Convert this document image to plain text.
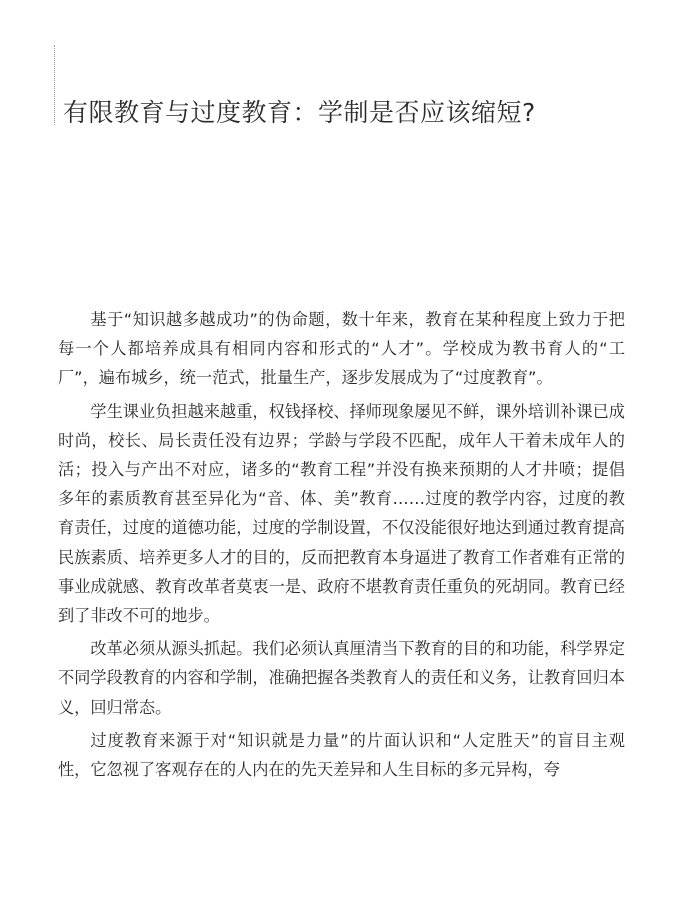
有限教育与过度教育：学制是否应该缩短?

基于“知识越多越成功”的伪命题，数十年来，教育在某种程度上致力于把每一个人都培养成具有相同内容和形式的“人才”。学校成为教书育人的“工厂”，遍布城乡，统一范式，批量生产，逐步发展成为了“过度教育”。

学生课业负担越来越重，权钱择校、择师现象屡见不鲜，课外培训补课已成时尚，校长、局长责任没有边界；学龄与学段不匹配，成年人干着未成年人的活；投入与产出不对应，诸多的“教育工程”并没有换来预期的人才井喷；提倡多年的素质教育甚至异化为“音、体、美”教育……过度的教学内容，过度的教育责任，过度的道德功能，过度的学制设置，不仅没能很好地达到通过教育提高民族素质、培养更多人才的目的，反而把教育本身逼进了教育工作者难有正常的事业成就感、教育改革者莫衷一是、政府不堪教育责任重负的死胡同。教育已经到了非改不可的地步。

改革必须从源头抓起。我们必须认真厘清当下教育的目的和功能，科学界定不同学段教育的内容和学制，准确把握各类教育人的责任和义务，让教育回归本义，回归常态。

过度教育来源于对“知识就是力量”的片面认识和“人定胜天”的盲目主观性，它忽视了客观存在的人内在的先天差异和人生目标的多元异构，夸
